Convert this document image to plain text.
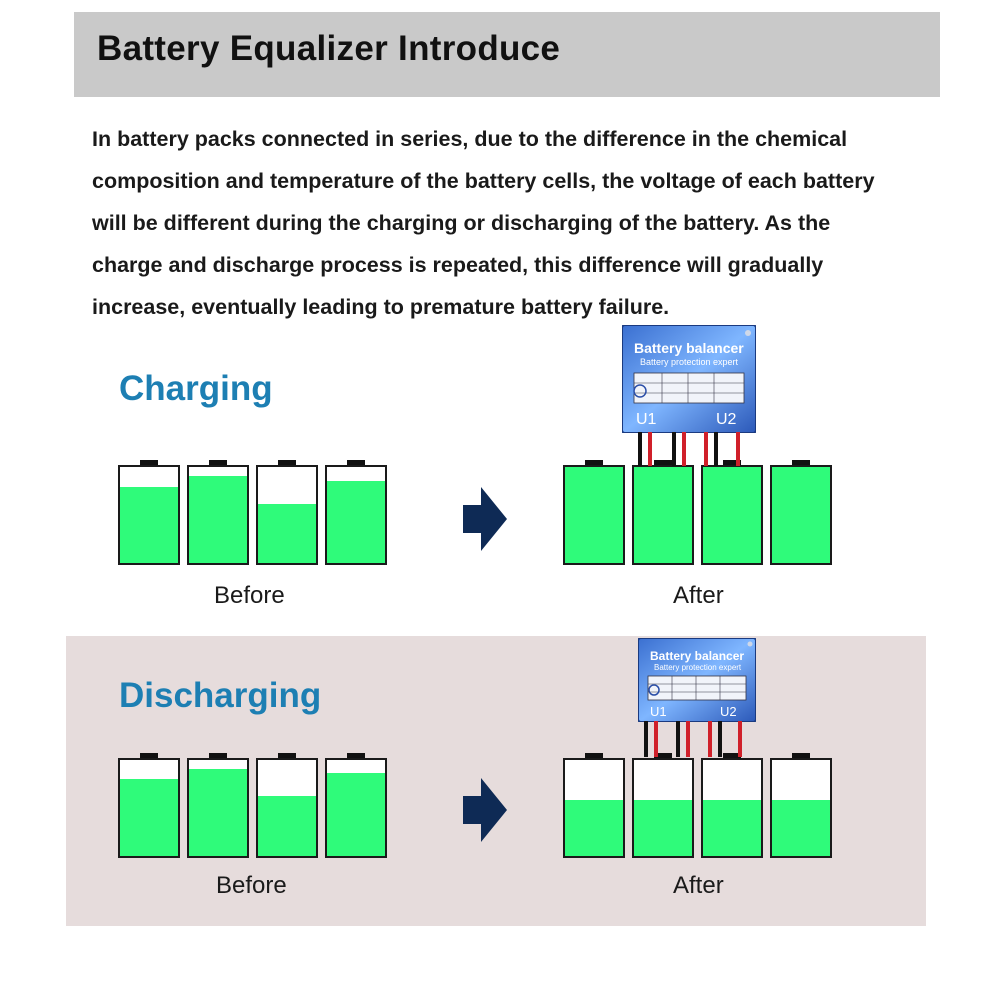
Battery Equalizer Introduce
In battery packs connected in series, due to the difference in the chemical
composition and temperature of the battery cells, the voltage of each battery
will be different during the charging or discharging of the battery. As the
charge and discharge process is repeated, this difference will gradually
increase, eventually leading to premature battery failure.
Charging
Before	After
Battery balancer
Battery protection expert
U1	U2
Discharging
Before	After
Battery balancer
Battery protection expert
U1	U2
